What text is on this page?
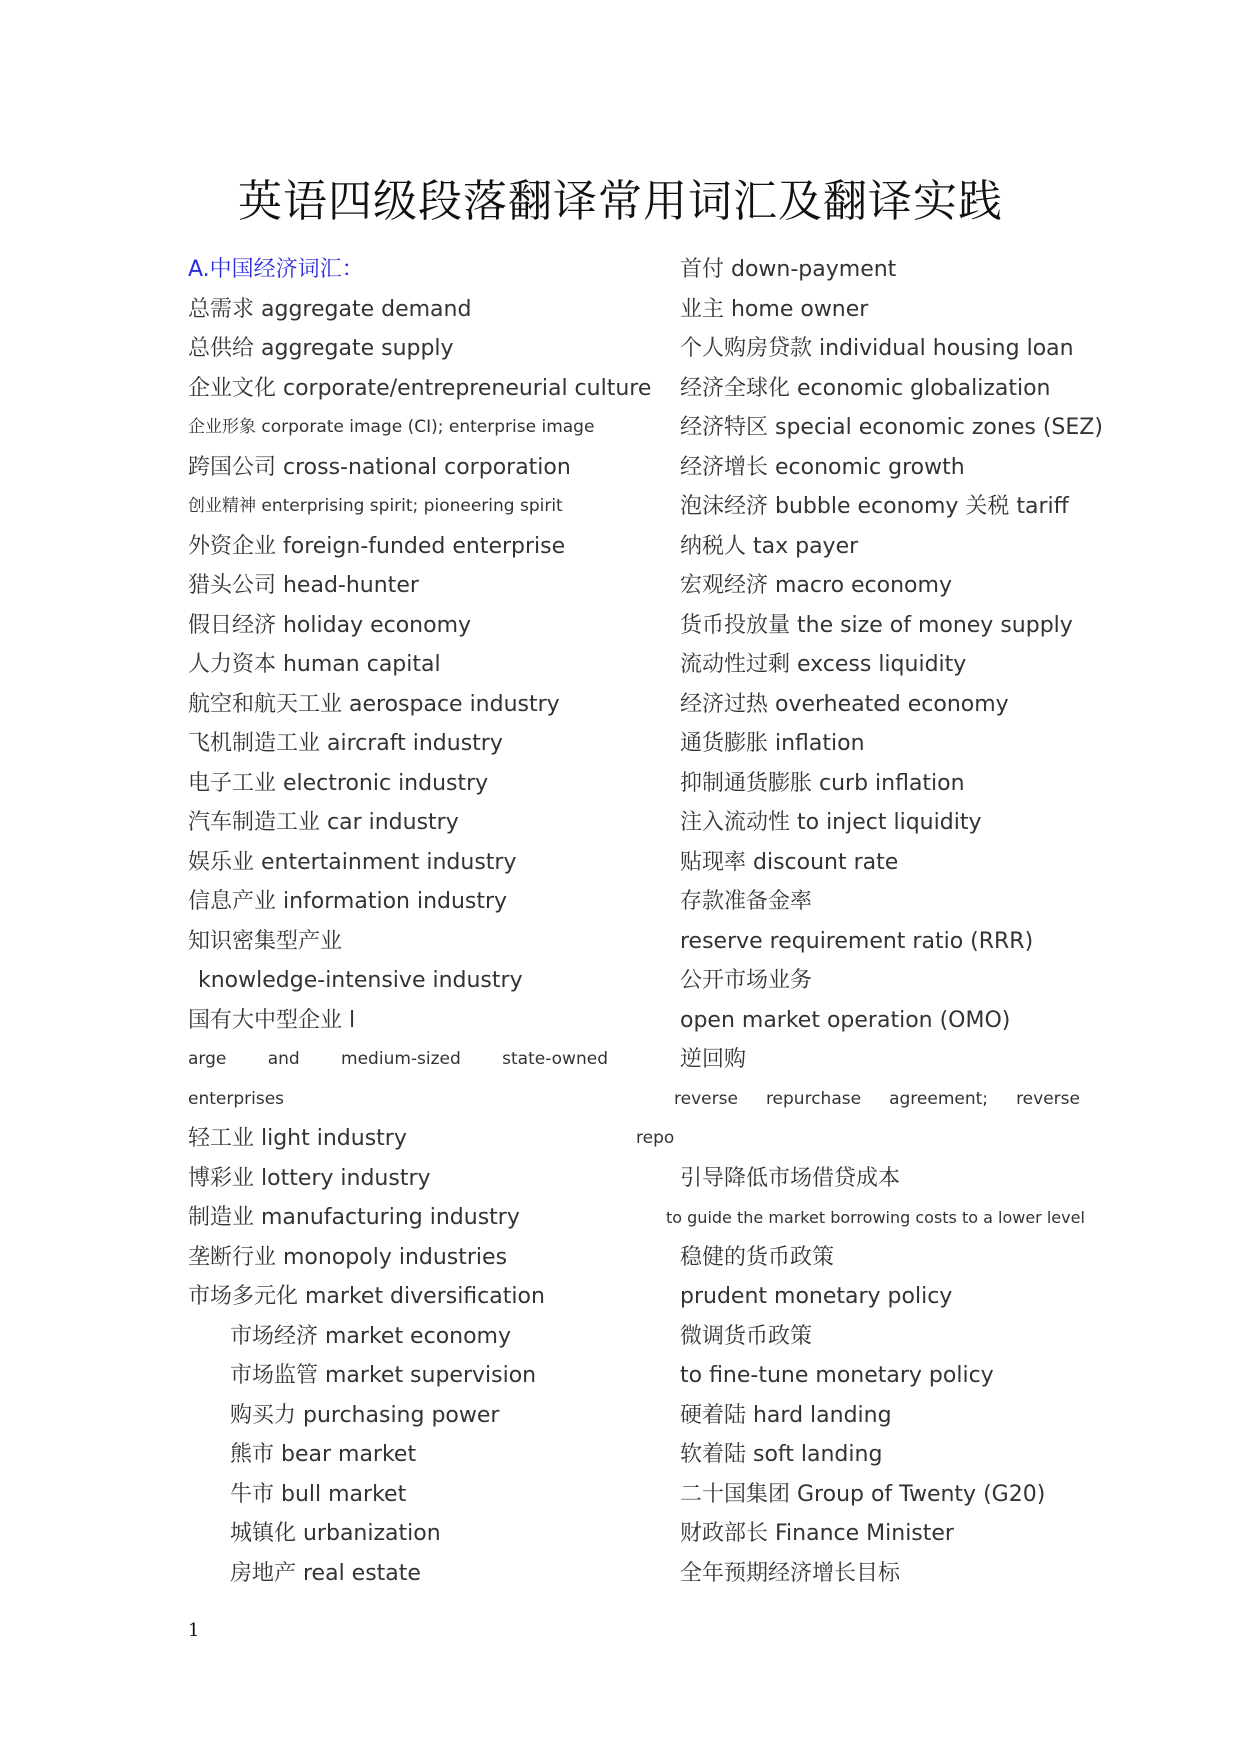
英语四级段落翻译常用词汇及翻译实践
A.中国经济词汇：
总需求 aggregate demand
总供给 aggregate supply
企业文化 corporate/entrepreneurial culture
企业形象 corporate image (CI); enterprise image
跨国公司 cross-national corporation
创业精神 enterprising spirit; pioneering spirit
外资企业 foreign-funded enterprise
猎头公司 head-hunter
假日经济 holiday economy
人力资本 human capital
航空和航天工业 aerospace industry
飞机制造工业 aircraft industry
电子工业 electronic industry
汽车制造工业 car industry
娱乐业 entertainment industry
信息产业 information industry
知识密集型产业
knowledge-intensive industry
国有大中型企业 l
arge and medium-sized state-owned
enterprises
轻工业 light industry
博彩业 lottery industry
制造业 manufacturing industry
垄断行业 monopoly industries
市场多元化 market diversification
市场经济 market economy
市场监管 market supervision
购买力 purchasing power
熊市 bear market
牛市 bull market
城镇化 urbanization
房地产 real estate
首付 down-payment
业主 home owner
个人购房贷款 individual housing loan
经济全球化 economic globalization
经济特区 special economic zones (SEZ)
经济增长 economic growth
泡沫经济 bubble economy 关税 tariff
纳税人 tax payer
宏观经济 macro economy
货币投放量 the size of money supply
流动性过剩 excess liquidity
经济过热 overheated economy
通货膨胀 inflation
抑制通货膨胀 curb inflation
注入流动性 to inject liquidity
贴现率 discount rate
存款准备金率
reserve requirement ratio (RRR)
公开市场业务
open market operation (OMO)
逆回购
reverse repurchase agreement; reverse
repo
引导降低市场借贷成本
to guide the market borrowing costs to a lower level
稳健的货币政策
prudent monetary policy
微调货币政策
to fine-tune monetary policy
硬着陆 hard landing
软着陆 soft landing
二十国集团 Group of Twenty (G20)
财政部长 Finance Minister
全年预期经济增长目标
1
